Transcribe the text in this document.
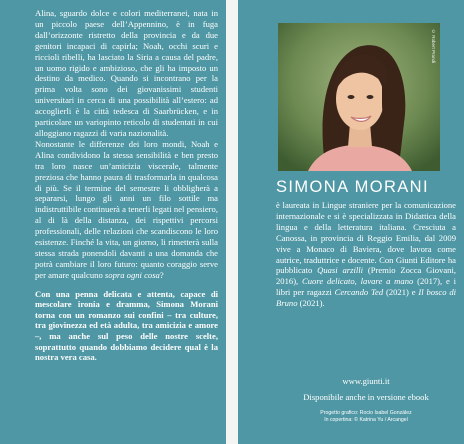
Alina, sguardo dolce e colori mediterranei, nata in un piccolo paese dell’Appennino, è in fuga dall’orizzonte ristretto della provincia e da due genitori incapaci di capirla; Noah, occhi scuri e riccioli ribelli, ha lasciato la Siria a causa del padre, un uomo rigido e ambizioso, che gli ha imposto un destino da medico. Quando si incontrano per la prima volta sono dei giovanissimi studenti universitari in cerca di una possibilità all’estero: ad accoglierli è la città tedesca di Saarbrücken, e in particolare un variopinto reticolo di studentati in cui alloggiano ragazzi di varia nazionalità.

Nonostante le differenze dei loro mondi, Noah e Alina condividono la stessa sensibilità e ben presto tra loro nasce un’amicizia viscerale, talmente preziosa che hanno paura di trasformarla in qualcosa di più. Se il termine del semestre li obbligherà a separarsi, lungo gli anni un filo sottile ma indistruttibile continuerà a tenerli legati nel pensiero, al di là della distanza, dei rispettivi percorsi professionali, delle relazioni che scandiscono le loro esistenze. Finché la vita, un giorno, li rimetterà sulla stessa strada ponendoli davanti a una domanda che potrà cambiare il loro futuro: quanto coraggio serve per amare qualcuno sopra ogni cosa?

Con una penna delicata e attenta, capace di mescolare ironia e dramma, Simona Morani torna con un romanzo sui confini – tra culture, tra giovinezza ed età adulta, tra amicizia e amore –, ma anche sul peso delle nostre scelte, soprattutto quando dobbiamo decidere qual è la nostra vera casa.

© Robert Prandi
SIMONA MORANI
è laureata in Lingue straniere per la comunicazione internazionale e si è specializzata in Didattica della lingua e della letteratura italiana. Cresciuta a Canossa, in provincia di Reggio Emilia, dal 2009 vive a Monaco di Baviera, dove lavora come autrice, traduttrice e docente. Con Giunti Editore ha pubblicato Quasi arzilli (Premio Zocca Giovani, 2016), Cuore delicato, lavare a mano (2017), e i libri per ragazzi Cercando Ted (2021) e Il bosco di Bruno (2021).
www.giunti.it
Disponibile anche in versione ebook
Progetto grafico: Rocio Isabel González
In copertina: © Katrina Yu / Arcangel
